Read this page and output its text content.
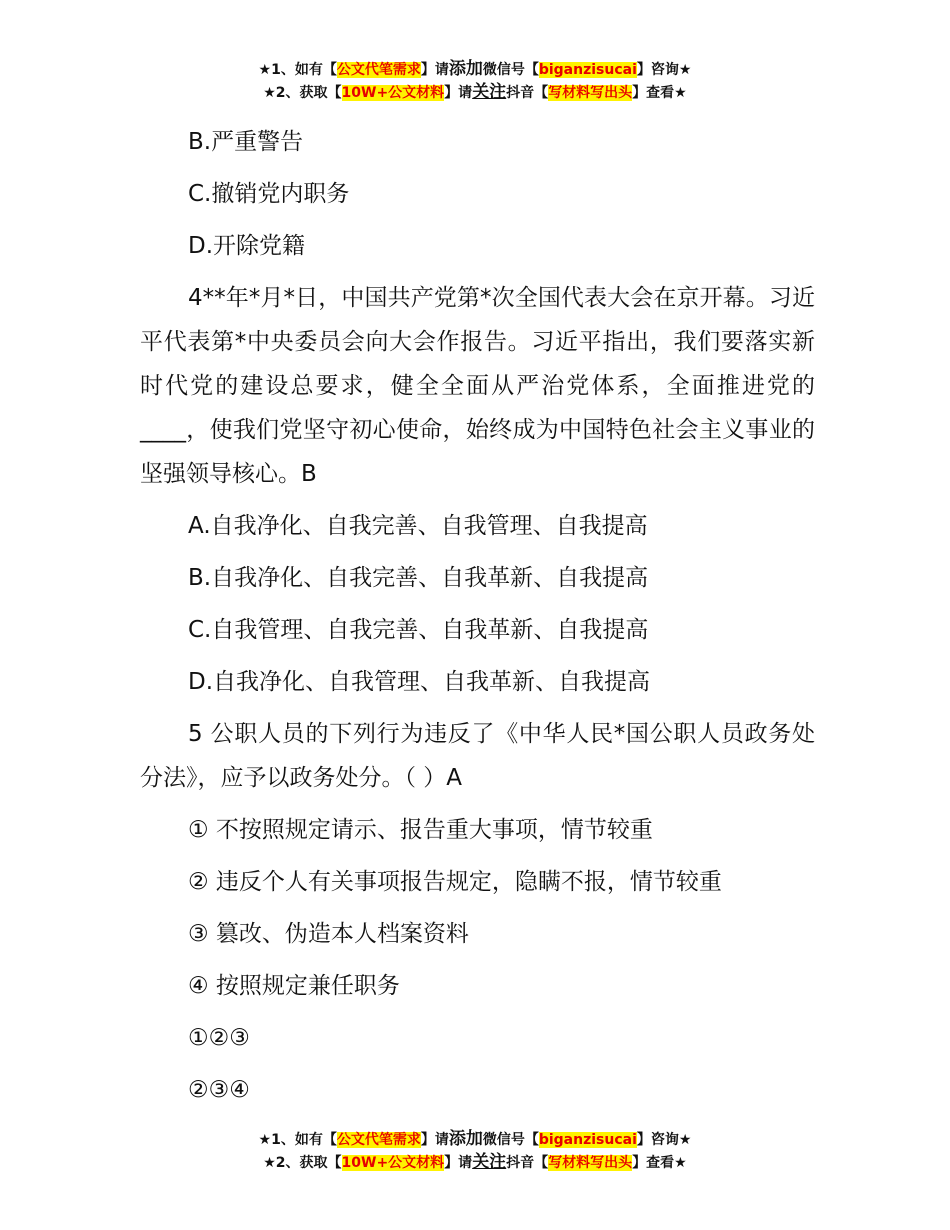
★1、如有【公文代笔需求】请添加微信号【biganzisucai】咨询★
★2、获取【10W+公文材料】请关注抖音【写材料写出头】查看★

B.严重警告

C.撤销党内职务

D.开除党籍

4**年*月*日，中国共产党第*次全国代表大会在京开幕。习近平代表第*中央委员会向大会作报告。习近平指出，我们要落实新时代党的建设总要求，健全全面从严治党体系，全面推进党的____，使我们党坚守初心使命，始终成为中国特色社会主义事业的坚强领导核心。B

A.自我净化、自我完善、自我管理、自我提高

B.自我净化、自我完善、自我革新、自我提高

C.自我管理、自我完善、自我革新、自我提高

D.自我净化、自我管理、自我革新、自我提高

5 公职人员的下列行为违反了《中华人民*国公职人员政务处分法》，应予以政务处分。（ ）A

① 不按照规定请示、报告重大事项，情节较重

② 违反个人有关事项报告规定，隐瞒不报，情节较重

③ 篡改、伪造本人档案资料

④ 按照规定兼任职务

①②③

②③④

★1、如有【公文代笔需求】请添加微信号【biganzisucai】咨询★
★2、获取【10W+公文材料】请关注抖音【写材料写出头】查看★
